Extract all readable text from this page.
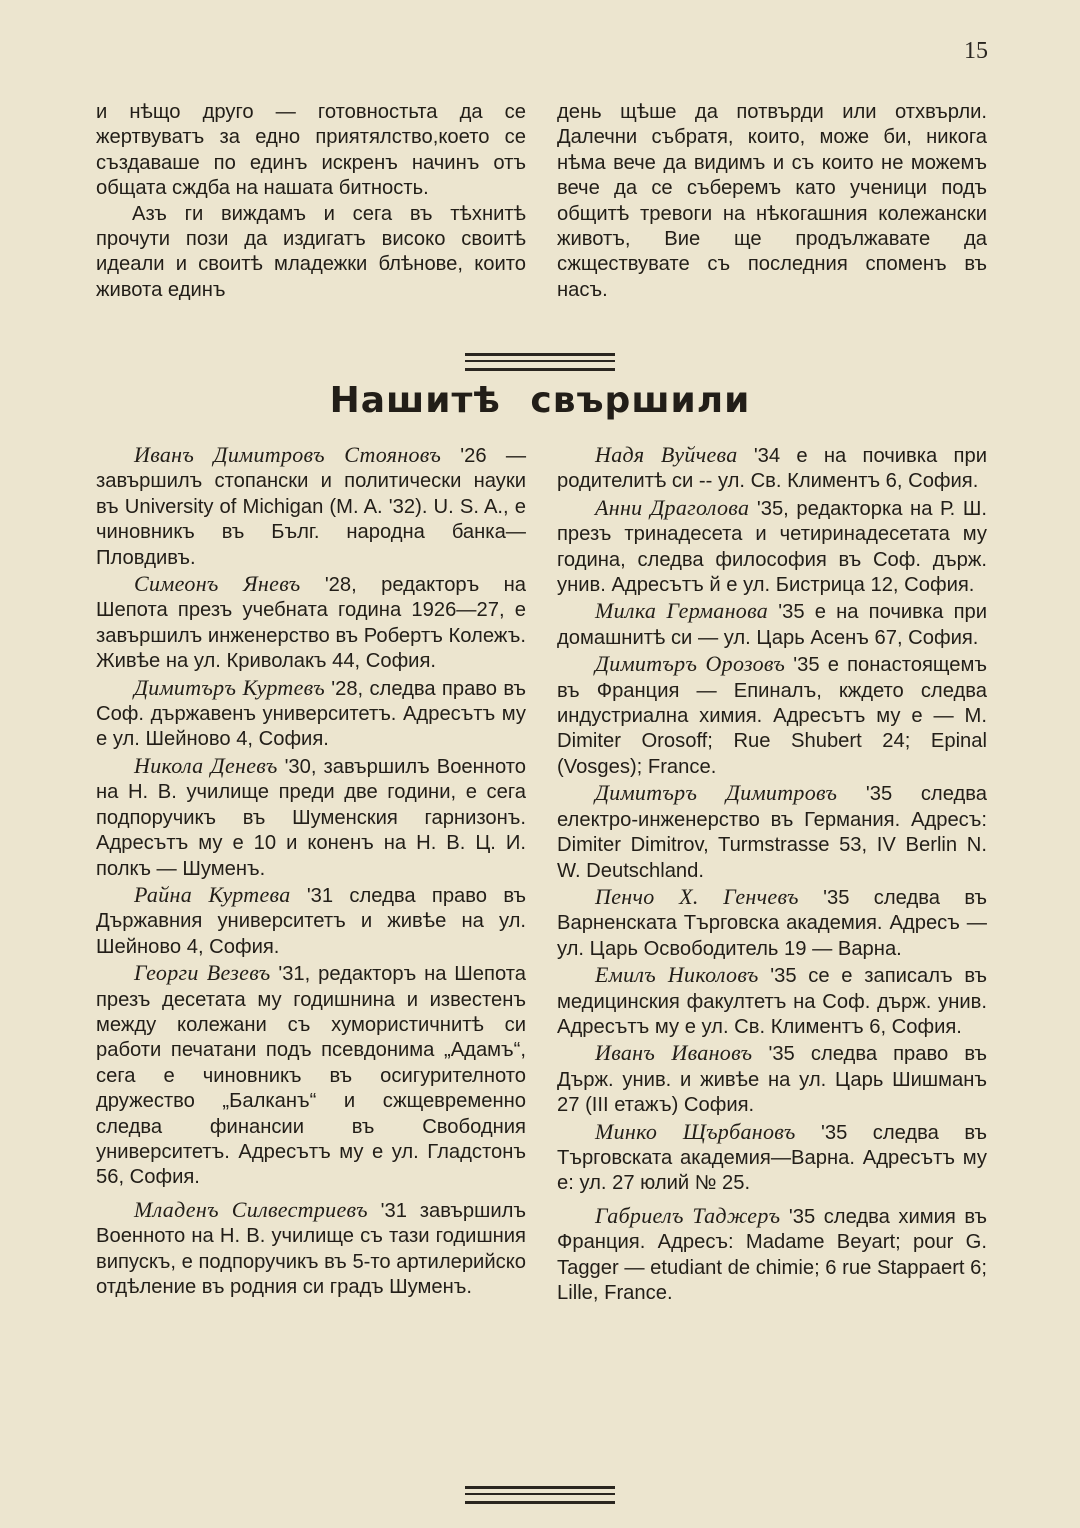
15

и нѣщо друго — готовностьта да се жертвуватъ за едно приятялство,което се създаваше по единъ искренъ начинъ отъ общата сждба на нашата битность.

Азъ ги виждамъ и сега въ тѣхнитѣ прочути пози да издигатъ високо своитѣ идеали и своитѣ младежки блѣнове, които живота единъ

день щѣше да потвърди или отхвърли. Далечни събратя, които, може би, никога нѣма вече да видимъ и съ които не можемъ вече да се съберемъ като ученици подъ общитѣ тревоги на нѣкогашния колежански животъ, Вие ще продължавате да сжществувате съ последния споменъ въ насъ.

Нашитѣ свършили

Иванъ Димитровъ Стояновъ '26 — завършилъ стопански и политически науки въ University of Michigan (M. A. '32). U. S. A., е чиновникъ въ Бълг. народна банка—Пловдивъ.

Симеонъ Яневъ '28, редакторъ на Шепота презъ учебната година 1926—27, е завършилъ инженерство въ Робертъ Колежъ. Живѣе на ул. Криволакъ 44, София.

Димитъръ Куртевъ '28, следва право въ Соф. държавенъ университетъ. Адресътъ му е ул. Шейново 4, София.

Никола Деневъ '30, завършилъ Военното на Н. В. училище преди две години, е сега подпоручикъ въ Шуменския гарнизонъ. Адресътъ му е 10 и коненъ на Н. В. Ц. И. полкъ — Шуменъ.

Райна Куртева '31 следва право въ Държавния университетъ и живѣе на ул. Шейново 4, София.

Георги Везевъ '31, редакторъ на Шепота презъ десетата му годишнина и известенъ между колежани съ хумористичнитѣ си работи печатани подъ псевдонима „Адамъ“, сега е чиновникъ въ осигурителното дружество „Балканъ“ и сжщевременно следва финансии въ Свободния университетъ. Адресътъ му е ул. Гладстонъ 56, София.

Младенъ Силвестриевъ '31 завършилъ Военното на Н. В. училище съ тази годишния випускъ, е подпоручикъ въ 5-то артилерийско отдѣление въ родния си градъ Шуменъ.

Надя Вуйчева '34 е на почивка при родителитѣ си -- ул. Св. Климентъ 6, София.

Анни Драголова '35, редакторка на Р. Ш. презъ тринадесета и четиринадесетата му година, следва философия въ Соф. държ. унив. Адресътъ й е ул. Бистрица 12, София.

Милка Германова '35 е на почивка при домашнитѣ си — ул. Царь Асенъ 67, София.

Димитъръ Орозовъ '35 е понастоящемъ въ Франция — Епиналъ, кждето следва индустриална химия. Адресътъ му е — M. Dimiter Orosoff; Rue Shubert 24; Epinal (Vosges); France.

Димитъръ Димитровъ '35 следва електро-инженерство въ Германия. Адресъ: Dimiter Dimitrov, Turmstrasse 53, IV Berlin N. W. Deutschland.

Пенчо Х. Генчевъ '35 следва въ Варненската Търговска академия. Адресъ — ул. Царь Освободитель 19 — Варна.

Емилъ Николовъ '35 се е записалъ въ медицинския факултетъ на Соф. държ. унив. Адресътъ му е ул. Св. Климентъ 6, София.

Иванъ Ивановъ '35 следва право въ Държ. унив. и живѣе на ул. Царь Шишманъ 27 (III етажъ) София.

Минко Щърбановъ '35 следва въ Търговската академия—Варна. Адресътъ му е: ул. 27 юлий № 25.

Габриелъ Таджеръ '35 следва химия въ Франция. Адресъ: Madame Beyart; pour G. Tagger — etudiant de chimie; 6 rue Stappaert 6; Lille, France.
